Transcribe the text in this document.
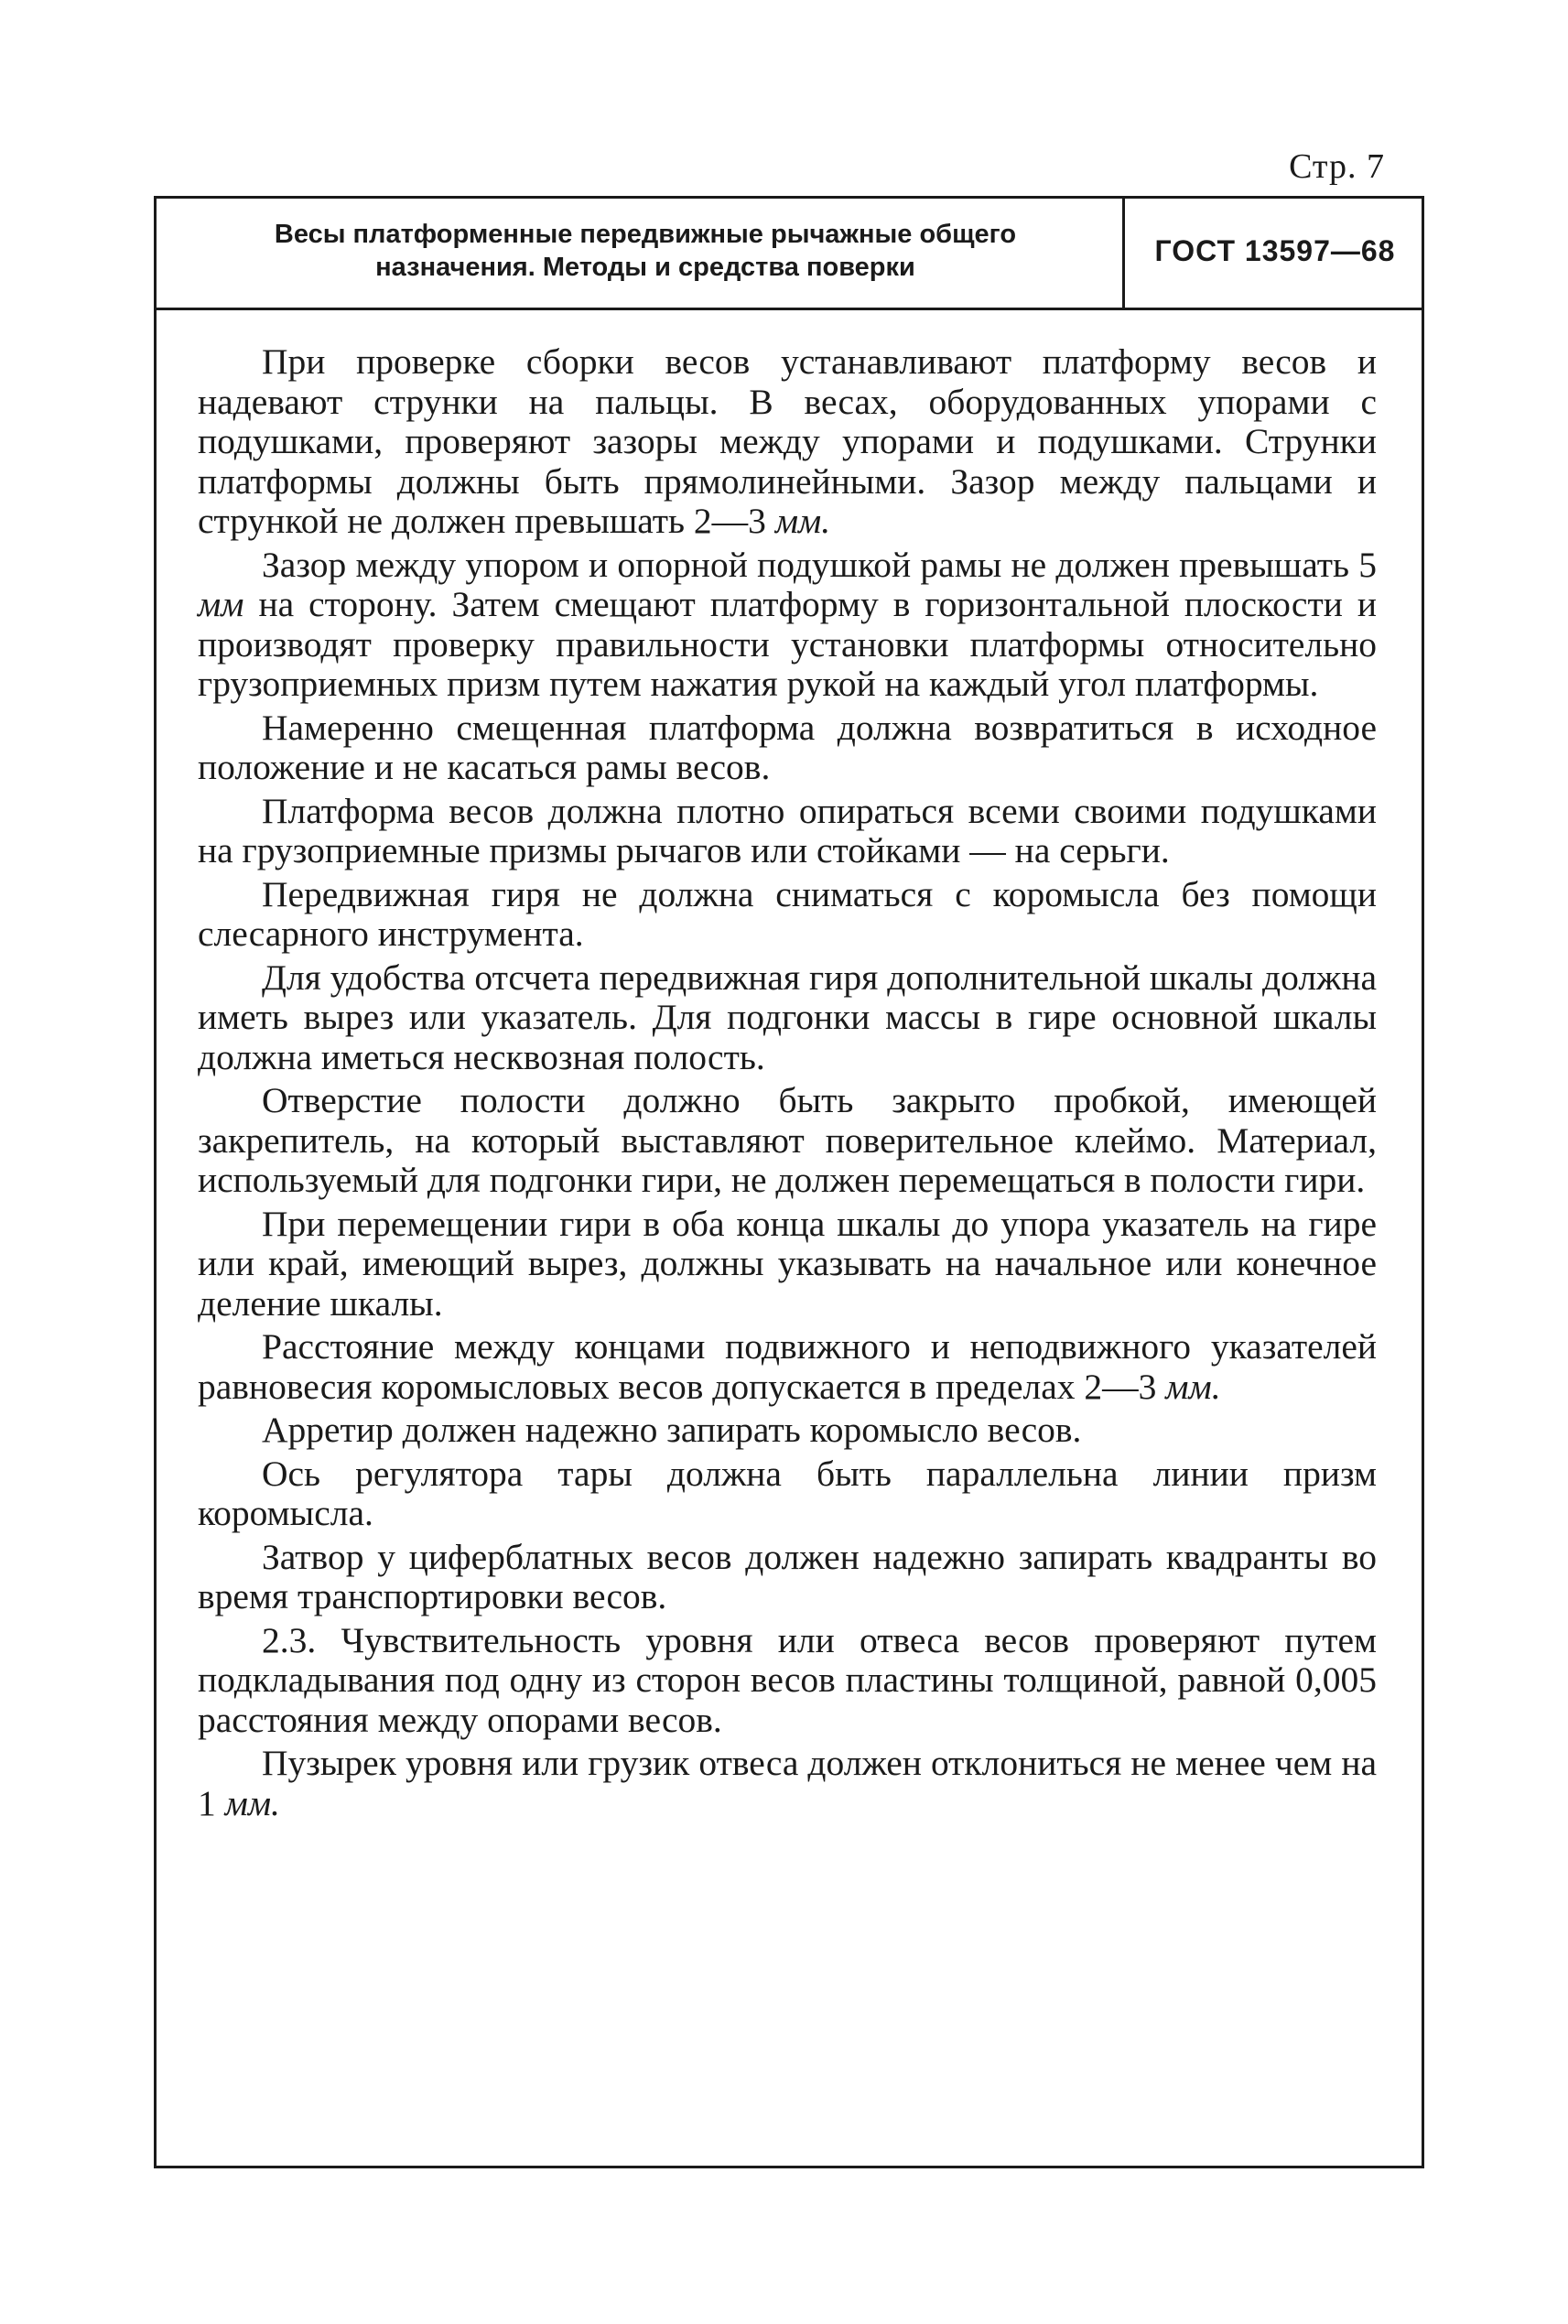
Стр. 7
Весы платформенные передвижные рычажные общего
назначения. Методы и средства поверки	ГОСТ 13597—68

При проверке сборки весов устанавливают платформу весов и надевают струнки на пальцы. В весах, оборудованных упорами с подушками, проверяют зазоры между упорами и подушками. Струнки платформы должны быть прямолинейными. Зазор между пальцами и стрункой не должен превышать 2—3 мм.

Зазор между упором и опорной подушкой рамы не должен превышать 5 мм на сторону. Затем смещают платформу в горизонтальной плоскости и производят проверку правильности установки платформы относительно грузоприемных призм путем нажатия рукой на каждый угол платформы.

Намеренно смещенная платформа должна возвратиться в исходное положение и не касаться рамы весов.

Платформа весов должна плотно опираться всеми своими подушками на грузоприемные призмы рычагов или стойками — на серьги.

Передвижная гиря не должна сниматься с коромысла без помощи слесарного инструмента.

Для удобства отсчета передвижная гиря дополнительной шкалы должна иметь вырез или указатель. Для подгонки массы в гире основной шкалы должна иметься несквозная полость.

Отверстие полости должно быть закрыто пробкой, имеющей закрепитель, на который выставляют поверительное клеймо. Материал, используемый для подгонки гири, не должен перемещаться в полости гири.

При перемещении гири в оба конца шкалы до упора указатель на гире или край, имеющий вырез, должны указывать на начальное или конечное деление шкалы.

Расстояние между концами подвижного и неподвижного указателей равновесия коромысловых весов допускается в пределах 2—3 мм.

Арретир должен надежно запирать коромысло весов.

Ось регулятора тары должна быть параллельна линии призм коромысла.

Затвор у циферблатных весов должен надежно запирать квадранты во время транспортировки весов.

2.3. Чувствительность уровня или отвеса весов проверяют путем подкладывания под одну из сторон весов пластины толщиной, равной 0,005 расстояния между опорами весов.

Пузырек уровня или грузик отвеса должен отклониться не менее чем на 1 мм.
